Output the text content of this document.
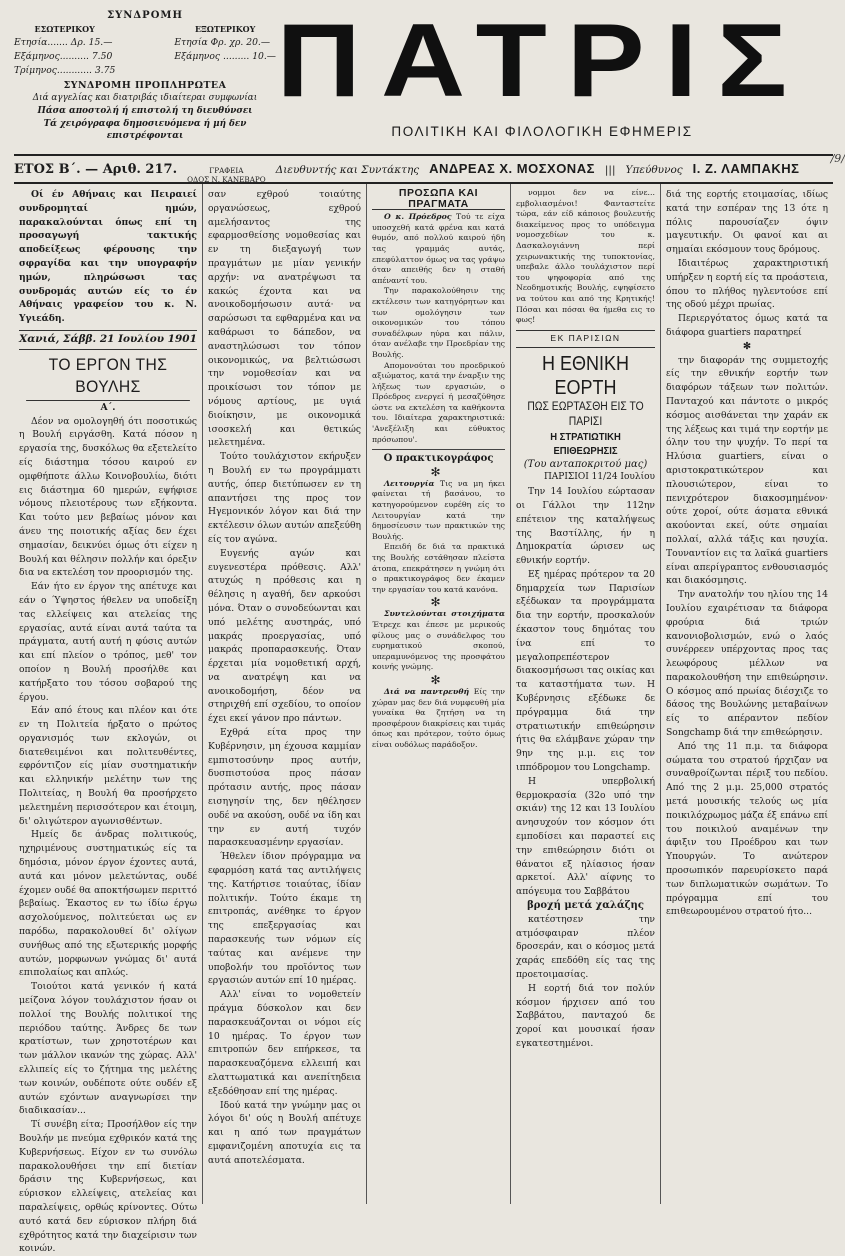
ΣΥΝΔΡΟΜΗ
ΕΣΩΤΕΡΙΚΟΥ
Ετησία....... Δρ. 15.—
Εξάμηνος.......... 7.50
Τρίμηνος............ 3.75
ΕΞΩΤΕΡΙΚΟΥ
Ετησία Φρ. χρ. 20.—
Εξάμηνος ......... 10.—
ΣΥΝΔΡΟΜΗ ΠΡΟΠΛΗΡΩΤΕΑ
Διά αγγελίας και διατριβάς ιδιαίτεραι συμφωνίαι
Πάσα αποστολή ή επιστολή τη διευθύνσει
Τά χειρόγραφα δημοσιευόμενα ή μή δεν επιστρέφονται
ΠΑΤΡΙΣ
ΠΟΛΙΤΙΚΗ ΚΑΙ ΦΙΛΟΛΟΓΙΚΗ ΕΦΗΜΕΡΙΣ
/9/
ΕΤΟΣ Β΄. — Αριθ. 217.	ΓΡΑΦΕΙΑ
ΟΔΟΣ Ν. ΚΑΝΕΒΑΡΟ
Διευθυντής και Συντάκτης ΑΝΔΡΕΑΣ Χ. ΜΟΣΧΟΝΑΣ ||| Υπεύθυνος Ι. Ζ. ΛΑΜΠΑΚΗΣ

Οί έν Αθήναις και Πειραιεί συνδρομηταί ημών, παρακαλούνται όπως επί τη προσαγωγή τακτικής αποδείξεως φέρουσης την σφραγίδα και την υπογραφήν ημών, πληρώσωσι τας συνδρομάς αυτών είς το έν Αθήναις γραφείον του κ. Ν. Υγιεάδη.

Χανιά, Σάββ. 21 Ιουλίου 1901
ΤΟ ΕΡΓΟΝ ΤΗΣ ΒΟΥΛΗΣ
Α΄.

Δέον να ομολογηθή ότι ποσοτικώς η Βουλή ειργάσθη. Κατά πόσον η εργασία της, δυσκόλως θα εξετελείτο είς διάστημα τόσου καιρού εν ομφθήποτε άλλω Κοινοβουλίω, διότι εις διάστημα 60 ημερών, εψήφισε νόμους πλειοτέρους των εξήκοντα. Και τούτο μεν βεβαίως μόνον και άνευ της ποιοτικής αξίας δεν έχει σημασίαν, δεικνύει όμως ότι είχεν η Βουλή και θέλησιν πολλήν και όρεξιν δια να εκτελέση τον προορισμόν της.

Εάν ήτο εν έργον της απέτυχε και εάν ο Ύψηστος ήθελεν να υποδείξη τας ελλείψεις και ατελείας της εργασίας, αυτά είναι αυτά ταύτα τα πράγματα, αυτή αυτή η φύσις αυτών και επί πλείον ο τρόπος, μεθ' τον οποίον η Βουλή προσήλθε και κατήρξατο του τόσου σοβαρού της έργου.

Εάν από έτους και πλέον και ότε εν τη Πολιτεία ήρξατο ο πρώτος οργανισμός των εκλογών, οι διατεθειμένοι και πολιτευθέντες, εφρόντιζον είς μίαν συστηματικήν και ελληνικήν μελέτην των της Πολιτείας, η Βουλή θα προσήρχετο μελετημένη περισσότερον και έτοιμη, δι' ολιγώτερον αγωνισθέντων.

Ημείς δε άνδρας πολιτικούς, ηχηριμένους συστηματικώς είς τα δημόσια, μόνον έργον έχοντες αυτά, αυτά και μόνον μελετώντας, ουδέ έχομεν ουδέ θα αποκτήσωμεν περιττό βεβαίως. Έκαστος εν τω ίδίω έργω ασχολούμενος, πολιτεύεται ως εν παρόδω, παρακολουθεί δι' ολίγων συνήθως από της εξωτερικής μορφής αυτών, μορφωνων γνώμας δι' αυτά επιπολαίως και απλώς.

Τοιούτοι κατά γενικόν ή κατά μείζονα λόγον τουλάχιστον ήσαν οι πολλοί της Βουλής πολιτικοί της περιόδου ταύτης. Άνδρες δε των κρατίστων, των χρηστοτέρων και των μάλλον ικανών της χώρας. Αλλ' ελλιπείς είς το ζήτημα της μελέτης των κοινών, ουδέποτε ούτε ουδέν εξ αυτών εχόντων αναγνωρίσει την διαδικασίαν...

Τί συνέβη είτα; Προσήλθον είς την Βουλήν με πνεύμα εχθρικόν κατά της Κυβερνήσεως. Είχον εν τω συνόλω παρακολουθήσει την επί διετίαν δράσιν της Κυβερνήσεως, και εύρισκον ελλείψεις, ατελείας και παραλείψεις, ορθώς κρίνοντες. Ούτω αυτό κατά δεν εύρισκον πλήρη διά εχθρότητος κατά την διαχείρισιν των κοινών.

σαν εχθρού τοιαύτης οργανώσεως, εχθρού αμελήσαντος της εφαρμοσθείσης νομοθεσίας και εν τη διεξαγωγή των πραγμάτων με μίαν γενικήν αρχήν: να ανατρέψωσι τα κακώς έχοντα και να ανοικοδομήσωσιν αυτά· να σαρώσωσι τα εφθαρμένα και να καθάρωσι το δάπεδον, να αναστηλώσωσι τον τόπον οικονομικώς, να βελτιώσωσι την νομοθεσίαν και να προικίσωσι τον τόπον με νόμους αρτίους, με υγιά διοίκησιν, με οικονομικά ισοσκελή και θετικώς μελετημένα.

Τούτο τουλάχιστον εκήρυξεν η Βουλή εν τω προγράμματι αυτής, όπερ διετύπωσεν εν τη απαντήσει της προς τον Ηγεμονικόν λόγον και διά την εκτέλεσιν όλων αυτών απεξεύθη είς τον αγώνα.

Ευγενής αγών και ευγενεστέρα πρόθεσις. Αλλ' ατυχώς η πρόθεσις και η θέλησις η αγαθή, δεν αρκούσι μόνα. Όταν ο συνοδεύωνται και υπό μελέτης αυστηράς, υπό μακράς προεργασίας, υπό μακράς προπαρασκευής. Όταν έρχεται μία νομοθετική αρχή, να ανατρέψη και να ανοικοδομήση, δέον να στηριχθή επί σχεδίου, το οποίον έχει εκεί γάνον προ πάντων.

Εχθρά είτα προς την Κυβέρνησιν, μη έχουσα καμμίαν εμπιστοσύνην προς αυτήν, δυσπιστούσα προς πάσαν πρότασιν αυτής, προς πάσαν εισηγησίν της, δεν ηθέλησεν ουδέ να ακούση, ουδέ να ίδη και την εν αυτή τυχόν παρασκευασμένην εργασίαν.

Ήθελεν ίδιον πρόγραμμα να εφαρμόση κατά τας αντιλήψεις της. Κατήρτισε τοιαύτας, ίδίαν πολιτικήν. Τούτο έκαμε τη επιτροπάς, ανέθηκε το έργον της επεξεργασίας και παρασκευής των νόμων είς ταύτας και ανέμενε την υποβολήν του προϊόντος των εργασιών αυτών επί 10 ημέρας.

Αλλ' είναι το νομοθετείν πράγμα δύσκολον και δεν παρασκευάζονται οι νόμοι είς 10 ημέρας. Το έργον των επιτροπών δεν επήρκεσε, τα παρασκευαζόμενα ελλειπή και ελαττωματικά και ανεπίτηδεια εξεδόθησαν επί της ημέρας.

Ιδού κατά την γνώμην μας οι λόγοι δι' ούς η Βουλή απέτυχε και η από των πραγμάτων εμφανιζομένη αποτυχία εις τα αυτά αποτελέσματα.

ΠΡΟΣΩΠΑ ΚΑΙ ΠΡΑΓΜΑΤΑ

Ο κ. Πρόεδρος Τού τε είχα υποσχεθή κατά φρένα και κατά θυμόν, από πολλού καιρού ήδη τας γραμμάς αυτάς, επεφύλαττον όμως να τας γράψω όταν απειθής δεν η σταθή απέναντί του.

Την παρακολούθησιν της εκτέλεσιν των κατηγόρητων και των ομολόγησιν των οικονομικών του τόπου συναδέλφων ηύρα και πάλιν, όταν ανέλαβε την Προεδρίαν της Βουλής.

Απομονούται του προεδρικού αξιώματος, κατά την έναρξιν της λήξεως των εργασιών, ο Πρόεδρος ενεργεί ή μεσαζύθησε ώστε να εκτελέση τα καθήκοντα του. Ιδιαίτερα χαρακτηριστικά: 'Ανεξέλιξη και εύθυκτος πρόσωπου'.

Ο πρακτικογράφος
✻

Λειτουργία Τις να μη ήκει φαίνεται τή βασάνου, το κατηγορούμενον ευρέθη είς το Λειτουργίαν κατά την δημοσίευσιν των πρακτικών της Βουλής.

Επειδή δε διά τα πρακτικά της Βουλής εστάθησαν πλείστα άτοπα, επεκράτησεν η γνώμη ότι ο πρακτικογράφος δεν έκαμεν την εργασίαν του κατά κανόνα.

✻

Συντελούνται στοιχήματα Έτρεχε και έπεσε με μερικούς φίλους μας ο συνάδελφος του ευρηματικού σκοπού, υπεραμυνόμενος της προσφάτου κοινής γνώμης.

✻

Διά να παντρευθή Είς την χώραν μας δεν διά νυμφευθή μία γυναίκα θα ζητήση να τη προσφέρουν διακρίσεις και τιμάς όπως και πρότερον, τούτο όμως είναι ουδόλως παράδοξον.

νομμοι δεν να είνε... εμβολιασμένοι! Φανταστείτε τώρα, εάν είδ κάποιος βουλευτής διακείμενος προς το υπόδειγμα νομοσχεδίων του κ. Δασκαλογιάννη περί χειρωνακτικής της τυποκτονίας, υπεβαλε άλλο τουλάχιστον περί του ψηφοφορία από της Νεοδημοτικής Βουλής, εψηφίσετο να τούτου και από της Κρητικής! Πόσαι και πόσαι θα ήμεθα εις το φως!

ΕΚ ΠΑΡΙΣΙΩΝ
Η ΕΘΝΙΚΗ ΕΟΡΤΗ
ΠΩΣ ΕΩΡΤΑΣΘΗ ΕΙΣ ΤΟ ΠΑΡΙΣΙ
Η ΣΤΡΑΤΙΩΤΙΚΗ ΕΠΙΘΕΩΡΗΣΙΣ
(Του ανταποκριτού μας)
ΠΑΡΙΣΙΟΙ 11/24 Ιουλίου

Την 14 Ιουλίου εώρτασαν οι Γάλλοι την 112ην επέτειον της καταλήψεως της Βαστίλλης, ήν η Δημοκρατία ώρισεν ως εθνικήν εορτήν.

Εξ ημέρας πρότερον τα 20 δημαρχεία των Παρισίων εξέδωκαν τα προγράμματα δια την εορτήν, προσκαλούν έκαστον τους δημότας του ίνα επί το μεγαλοπρεπέστερον διακοσμήσωσι τας οικίας και τα καταστήματα των. Η Κυβέρνησις εξέδωκε δε πρόγραμμα διά την στρατιωτικήν επιθεώρησιν ήτις θα ελάμβανε χώραν την 9ην της μ.μ. εις τον ιππόδρομον του Longchamp.

Η υπερβολική θερμοκρασία (32ο υπό την σκιάν) της 12 και 13 Ιουλίου ανησυχούν τον κόσμον ότι εμποδίσει και παραστεί εις την επιθεώρησιν διότι οι θάνατοι εξ ηλίασιος ήσαν αρκετοί. Αλλ' αίφνης το απόγευμα του Σαββάτου

βροχή μετά χαλάζης

κατέστησεν την ατμόσφαιραν πλέον δροσεράν, και ο κόσμος μετά χαράς επεδόθη είς τας της προετοιμασίας.

Η εορτή διά τον πολύν κόσμον ήρχισεν από του Σαββάτου, πανταχού δε χοροί και μουσικαί ήσαν εγκατεστημένοι.

διά της εορτής ετοιμασίας, ιδίως κατά την εσπέραν της 13 ότε η πόλις παρουσίαζεν όψιν μαγευτικήν. Οι φανοί και αι σημαίαι εκόσμουν τους δρόμους.

Ιδιαιτέρως χαρακτηριστική υπήρξεν η εορτή είς τα προάστεια, όπου το πλήθος ηγλεντούσε επί της οδού μέχρι πρωίας.

Περιεργότατος όμως κατά τα διάφορα guartiers παρατηρεί

✻

την διαφοράν της συμμετοχής είς την εθνικήν εορτήν των διαφόρων τάξεων των πολιτών. Πανταχού και πάντοτε ο μικρός κόσμος αισθάνεται την χαράν εκ της λέξεως και τιμά την εορτήν με όλην του την ψυχήν. Το περί τα Ηλύσια guartiers, είναι ο αριστοκρατικώτερον και πλουσιώτερον, είναι το πενιχρότερον διακοσμημένον· ούτε χοροί, ούτε άσματα εθνικά ακούονται εκεί, ούτε σημαίαι πολλαί, αλλά τάξις και ησυχία. Τουναντίον εις τα λαϊκά guartiers είναι απερίγραπτος ενθουσιασμός και διακόσμησις.

Την ανατολήν του ηλίου της 14 Ιουλίου εχαιρέτισαν τα διάφορα φρούρια διά τριών κανονιοβολισμών, ενώ ο λαός συνέρρεεν υπέρχοντας προς τας λεωφόρους μέλλων να παρακολουθήση την επιθεώρησιν. Ο κόσμος από πρωίας διέσχιζε το δάσος της Βουλώνης μεταβαίνων είς το απέραντον πεδίον Songchamp διά την επιθεώρησιν.

Από της 11 π.μ. τα διάφορα σώματα του στρατού ήρχιζαν να συναθροίζωνται πέριξ του πεδίου. Από της 2 μ.μ. 25,000 στρατός μετά μουσικής τελούς ως μία ποικιλόχρωμος μάζα έξ επάνω επί του ποικιλού αναμένων την άφιξιν του Προέδρου και των Υπουργών. Το ανώτερον προσωπικόν παρευρίσκετο παρά των διπλωματικών σωμάτων. Το πρόγραμμα επί του επιθεωρουμένου στρατού ήτο...
